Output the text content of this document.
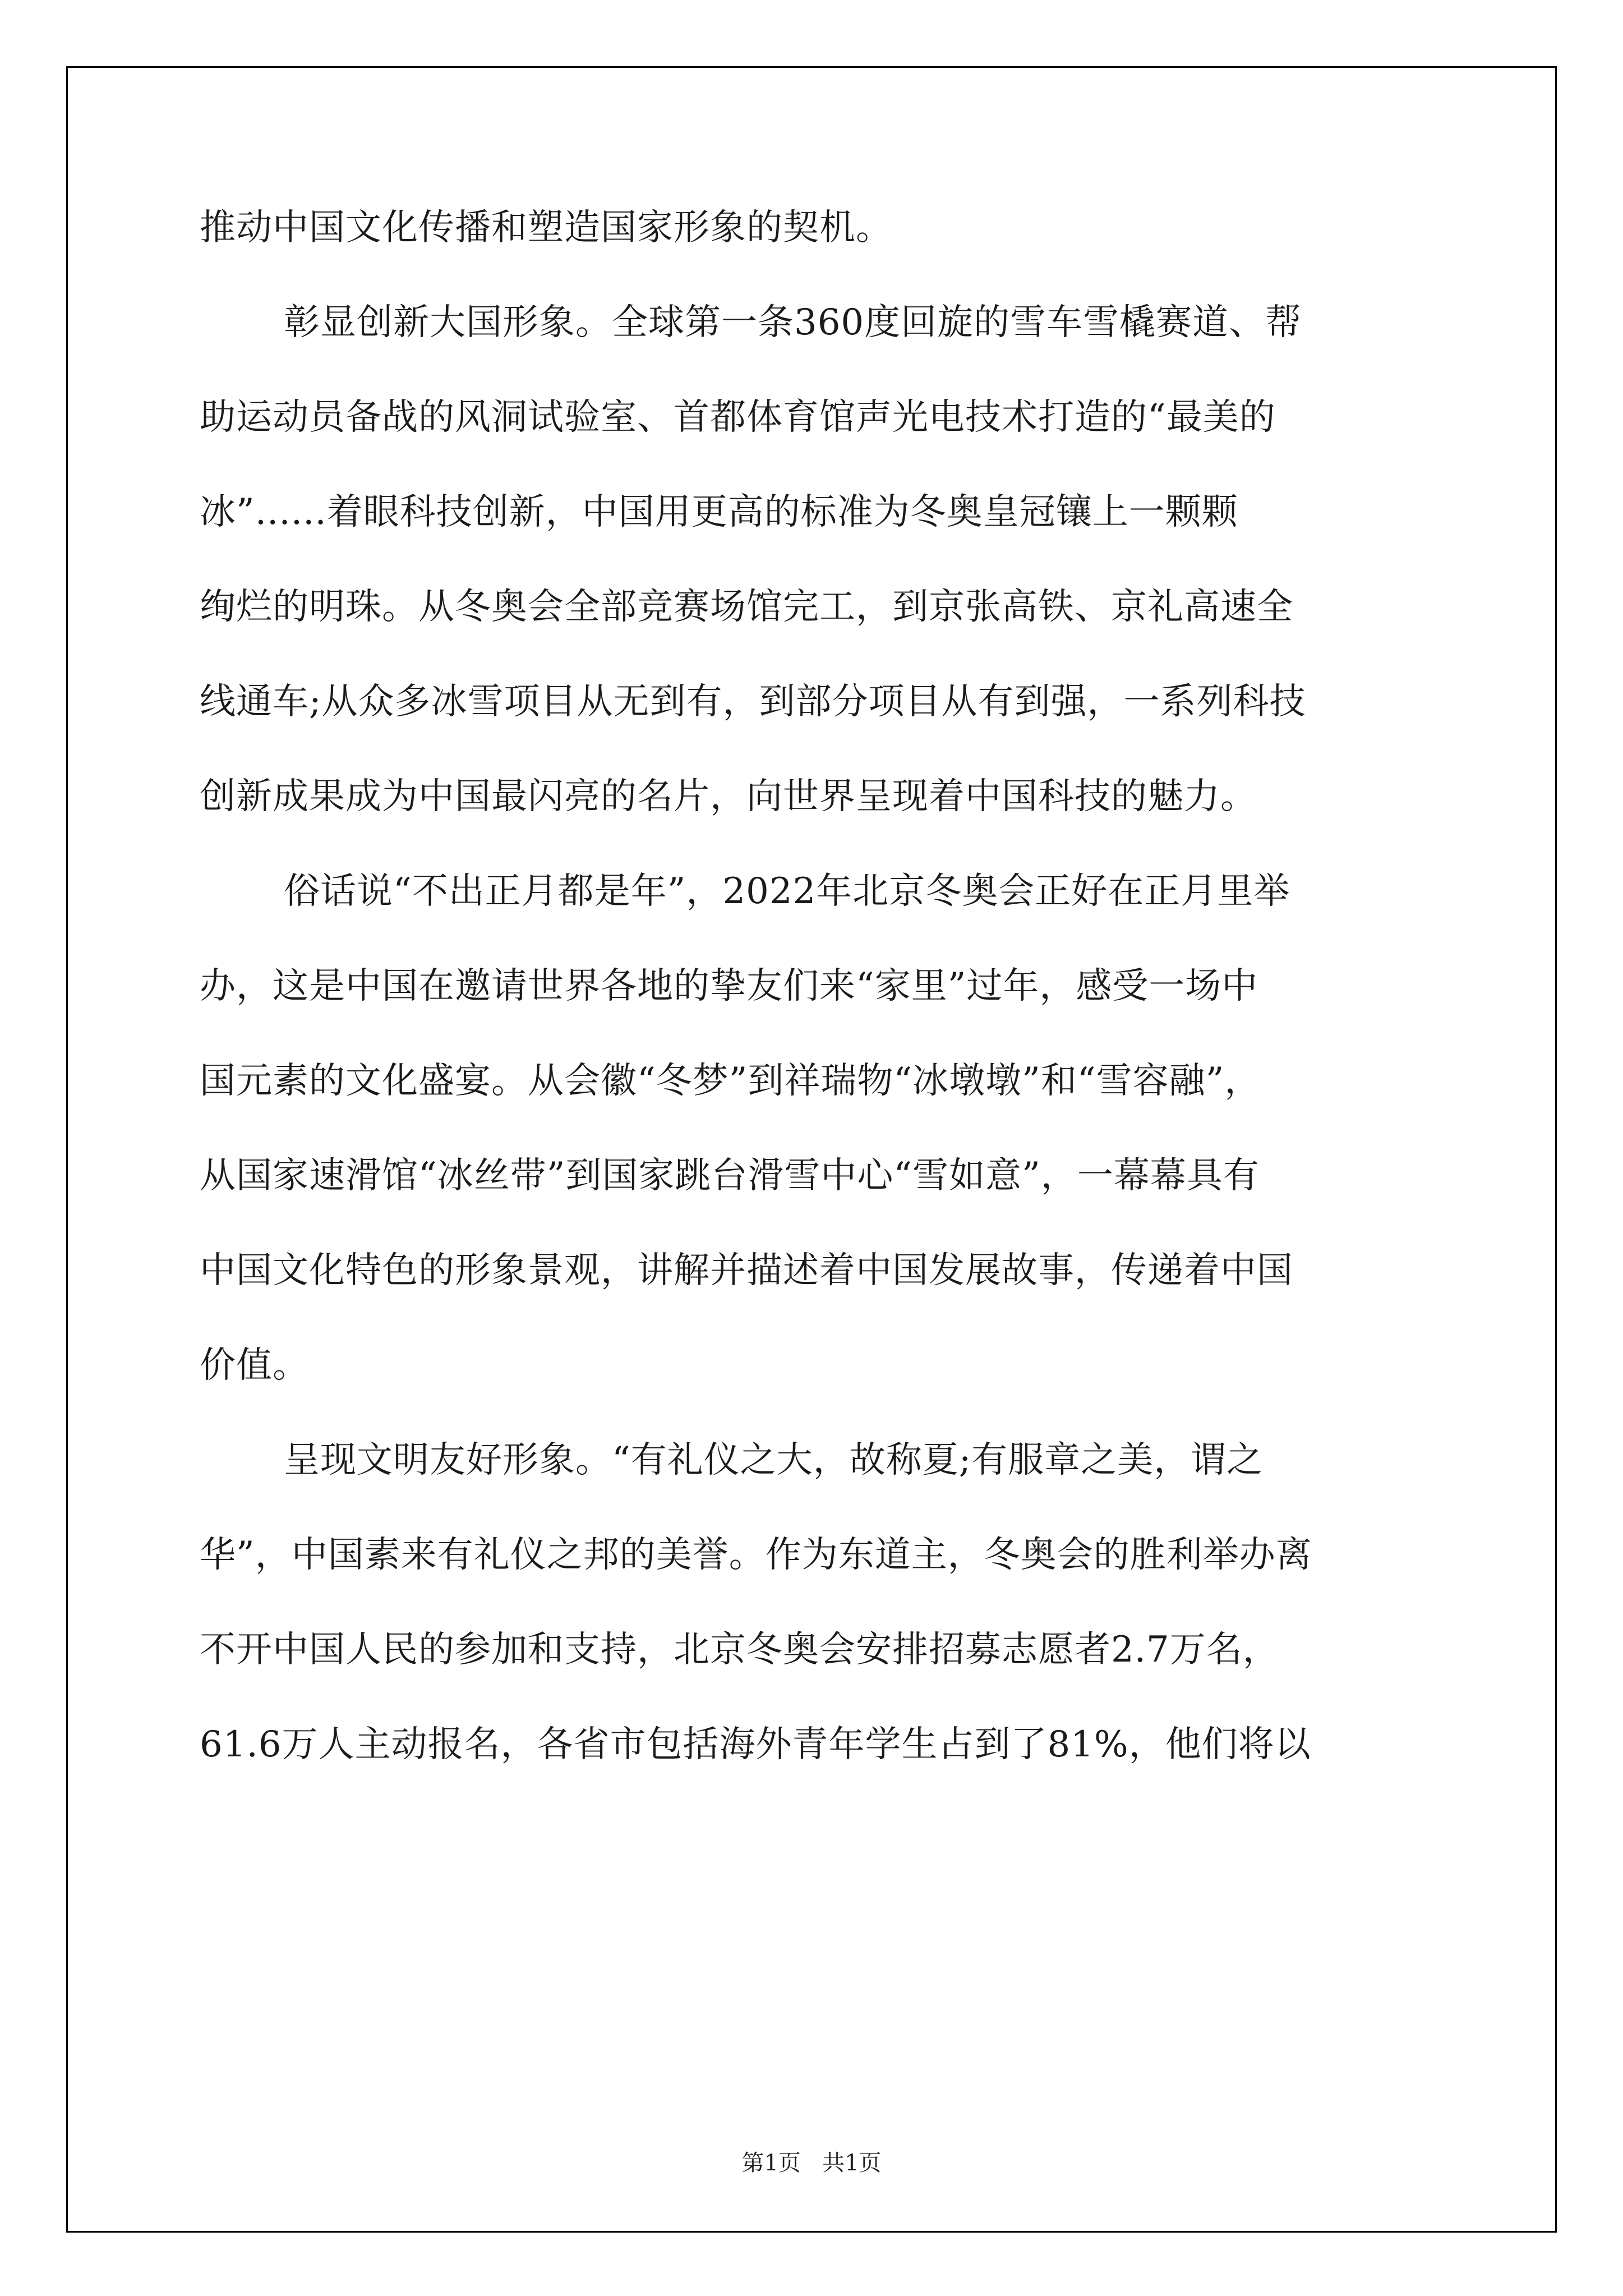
推动中国文化传播和塑造国家形象的契机。
彰显创新大国形象。全球第一条360度回旋的雪车雪橇赛道、帮
助运动员备战的风洞试验室、首都体育馆声光电技术打造的“最美的
冰”......着眼科技创新，中国用更高的标准为冬奥皇冠镶上一颗颗
绚烂的明珠。从冬奥会全部竞赛场馆完工，到京张高铁、京礼高速全
线通车;从众多冰雪项目从无到有，到部分项目从有到强，一系列科技
创新成果成为中国最闪亮的名片，向世界呈现着中国科技的魅力。
俗话说“不出正月都是年”，2022年北京冬奥会正好在正月里举
办，这是中国在邀请世界各地的挚友们来“家里”过年，感受一场中
国元素的文化盛宴。从会徽“冬梦”到祥瑞物“冰墩墩”和“雪容融”，
从国家速滑馆“冰丝带”到国家跳台滑雪中心“雪如意”，一幕幕具有
中国文化特色的形象景观，讲解并描述着中国发展故事，传递着中国
价值。
呈现文明友好形象。“有礼仪之大，故称夏;有服章之美，谓之
华”，中国素来有礼仪之邦的美誉。作为东道主，冬奥会的胜利举办离
不开中国人民的参加和支持，北京冬奥会安排招募志愿者2.7万名，
61.6万人主动报名，各省市包括海外青年学生占到了81%，他们将以
第1页 共1页
